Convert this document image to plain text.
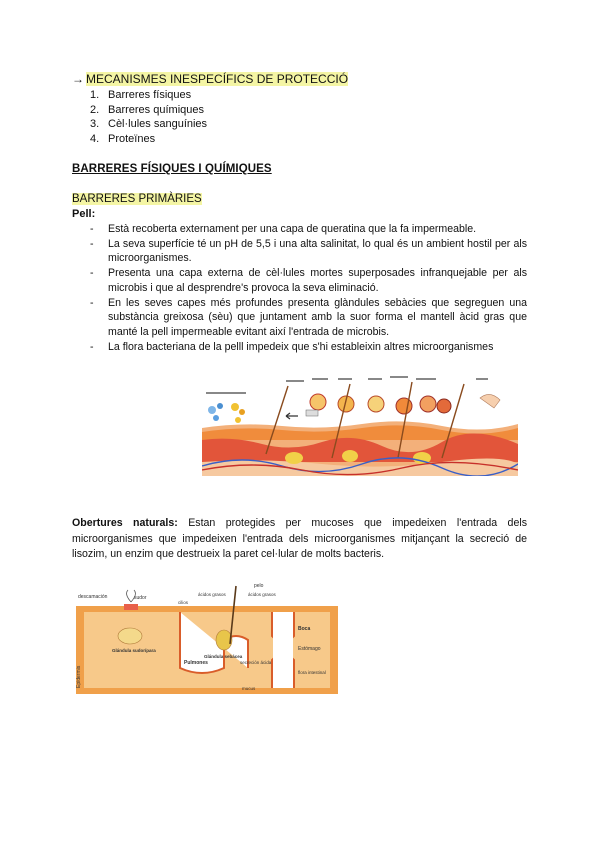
→ MECANISMES INESPECÍFICS DE PROTECCIÓ
1. Barreres físiques
2. Barreres químiques
3. Cèl·lules sanguínies
4. Proteïnes
BARRERES FÍSIQUES I QUÍMIQUES
BARRERES PRIMÀRIES
Pell:
- Està recoberta externament per una capa de queratina que la fa impermeable.
- La seva superfície té un pH de 5,5 i una alta salinitat, lo qual és un ambient hostil per als microorganismes.
- Presenta una capa externa de cèl·lules mortes superposades infranquejable per als microbis i que al desprendre's provoca la seva eliminació.
- En les seves capes més profundes presenta glàndules sebàcies que segreguen una substància greixosa (sèu) que juntament amb la suor forma el mantell àcid gras que manté la pell impermeable evitant així l'entrada de microbis.
- La flora bacteriana de la pelll impedeix que s'hi estableixin altres microorganismes
Obertures naturals: Estan protegides per mucoses que impedeixen l'entrada dels microorganismes que impedeixen l'entrada dels microorganismes mitjançant la secreció de lisozim, un enzim que destrueix la paret cel·lular de molts bacteris.
descamación	sudor
pelo
ácidos grasos	ácidos grasos
cilios
Glándula sudorípara
Glándula sebácea
Pulmones	secreción ácida
Boca
Estómago
flora intestinal
mucus
Epidermis
